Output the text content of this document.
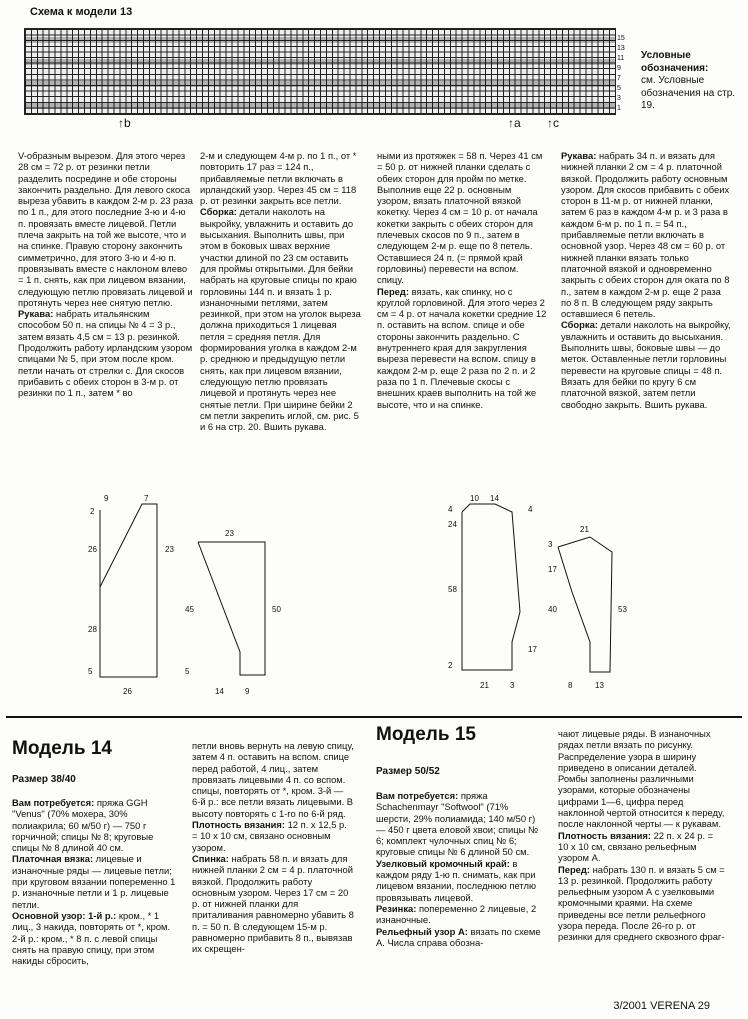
Схема к модели 13
15
13
11
9
7
5
3
1
Условные обозначения:
см. Условные обозначения на стр. 19.
↑b	↑a ↑c

V-образным вырезом. Для этого через 28 см = 72 р. от резинки петли разделить посредине и обе стороны закончить раздельно. Для левого скоса выреза убавить в каждом 2-м р. 23 раза по 1 п., для этого последние 3-ю и 4-ю п. провязать вместе лицевой. Петли плеча закрыть на той же высоте, что и на спинке. Правую сторону закончить симметрично, для этого 3-ю и 4-ю п. провязывать вместе с наклоном влево = 1 п. снять, как при лицевом вязании, следующую петлю провязать лицевой и протянуть через нее снятую петлю.

Рукава: набрать итальянским способом 50 п. на спицы № 4 = 3 р., затем вязать 4,5 см = 13 р. резинкой. Продолжить работу ирландским узором спицами № 5, при этом после кром. петли начать от стрелки с. Для скосов прибавить с обеих сторон в 3-м р. от резинки по 1 п., затем * во

2-м и следующем 4-м р. по 1 п., от * повторить 17 раз = 124 п., прибавляемые петли включать в ирландский узор. Через 45 см = 118 р. от резинки закрыть все петли.

Сборка: детали наколоть на выкройку, увлажнить и оставить до высыхания. Выполнить швы, при этом в боковых швах верхние участки длиной по 23 см оставить для проймы открытыми. Для бейки набрать на круговые спицы по краю горловины 144 п. и вязать 1 р. изнаночными петлями, затем резинкой, при этом на уголок выреза должна приходиться 1 лицевая петля = средняя петля. Для формирования уголка в каждом 2-м р. среднюю и предыдущую петли снять, как при лицевом вязании, следующую петлю провязать лицевой и протянуть через нее снятые петли. При ширине бейки 2 см петли закрепить иглой, см. рис. 5 и 6 на стр. 20. Вшить рукава.

ными из протяжек = 58 п. Через 41 см = 50 р. от нижней планки сделать с обеих сторон для пройм по метке. Выполнив еще 22 р. основным узором, вязать платочной вязкой кокетку. Через 4 см = 10 р. от начала кокетки закрыть с обеих сторон для плечевых скосов по 9 п., затем в следующем 2-м р. еще по 8 петель. Оставшиеся 24 п. (= прямой край горловины) перевести на вспом. спицу.

Перед: вязать, как спинку, но с круглой горловиной. Для этого через 2 см = 4 р. от начала кокетки средние 12 п. оставить на вспом. спице и обе стороны закончить раздельно. С внутреннего края для закругления выреза перевести на вспом. спицу в каждом 2-м р. еще 2 раза по 2 п. и 2 раза по 1 п. Плечевые скосы с внешних краев выполнить на той же высоте, что и на спинке.

Рукава: набрать 34 п. и вязать для нижней планки 2 см = 4 р. платочной вязкой. Продолжить работу основным узором. Для скосов прибавить с обеих сторон в 11-м р. от нижней планки, затем 6 раз в каждом 4-м р. и 3 раза в каждом 6-м р. по 1 п. = 54 п., прибавляемые петли включать в основной узор. Через 48 см = 60 р. от нижней планки вязать только платочной вязкой и одновременно закрыть с обеих сторон для оката по 8 п., затем в каждом 2-м р. еще 2 раза по 8 п. В следующем ряду закрыть оставшиеся 6 петель.

Сборка: детали наколоть на выкройку, увлажнить и оставить до высыхания. Выполнить швы, боковые швы — до меток. Оставленные петли горловины перевести на круговые спицы = 48 п. Вязать для бейки по кругу 6 см платочной вязкой, затем петли свободно закрыть. Вшить рукава.

9	7
2
26	23
28
5
26
23
45	50
5
14	9
10 14
4
24
4
58
17
2
21	3
21
3
17
40	53
8	13
Модель 14
Размер 38/40

Вам потребуется: пряжа GGH "Venus" (70% мохера, 30% полиакрила; 60 м/50 г) — 750 г горчичной; спицы № 8; круговые спицы № 8 длиной 40 см.

Платочная вязка: лицевые и изнаночные ряды — лицевые петли; при круговом вязании попеременно 1 р. изнаночные петли и 1 р. лицевые петли.

Основной узор: 1-й р.: кром., * 1 лиц., 3 накида, повторять от *, кром. 2-й р.: кром., * 8 п. с левой спицы снять на правую спицу, при этом накиды сбросить,

петли вновь вернуть на левую спицу, затем 4 п. оставить на вспом. спице перед работой, 4 лиц., затем провязать лицевыми 4 п. со вспом. спицы, повторять от *, кром. 3-й — 6-й р.: все петли вязать лицевыми. В высоту повторять с 1-го по 6-й ряд.

Плотность вязания: 12 п. x 12,5 р. = 10 x 10 см, связано основным узором.

Спинка: набрать 58 п. и вязать для нижней планки 2 см = 4 р. платочной вязкой. Продолжить работу основным узором. Через 17 см = 20 р. от нижней планки для приталивания равномерно убавить 8 п. = 50 п. В следующем 15-м р. равномерно прибавить 8 п., вывязав их скрещен-

Модель 15
Размер 50/52

Вам потребуется: пряжа Schachenmayr "Softwool" (71% шерсти, 29% полиамида; 140 м/50 г) — 450 г цвета еловой хвои; спицы № 6; комплект чулочных спиц № 6; круговые спицы № 6 длиной 50 см.

Узелковый кромочный край: в каждом ряду 1-ю п. снимать, как при лицевом вязании, последнюю петлю провязывать лицевой.

Резинка: попеременно 2 лицевые, 2 изнаночные.

Рельефный узор А: вязать по схеме А. Числа справа обозна-

чают лицевые ряды. В изнаночных рядах петли вязать по рисунку. Распределение узора в ширину приведено в описании деталей. Ромбы заполнены различными узорами, которые обозначены цифрами 1—6, цифра перед наклонной чертой относится к переду, после наклонной черты — к рукавам.

Плотность вязания: 22 п. x 24 р. = 10 x 10 см, связано рельефным узором А.

Перед: набрать 130 п. и вязать 5 см = 13 р. резинкой. Продолжить работу рельефным узором А с узелковыми кромочными краями. На схеме приведены все петли рельефного узора переда. После 26-го р. от резинки для среднего сквозного фраг-

3/2001 VERENA 29
